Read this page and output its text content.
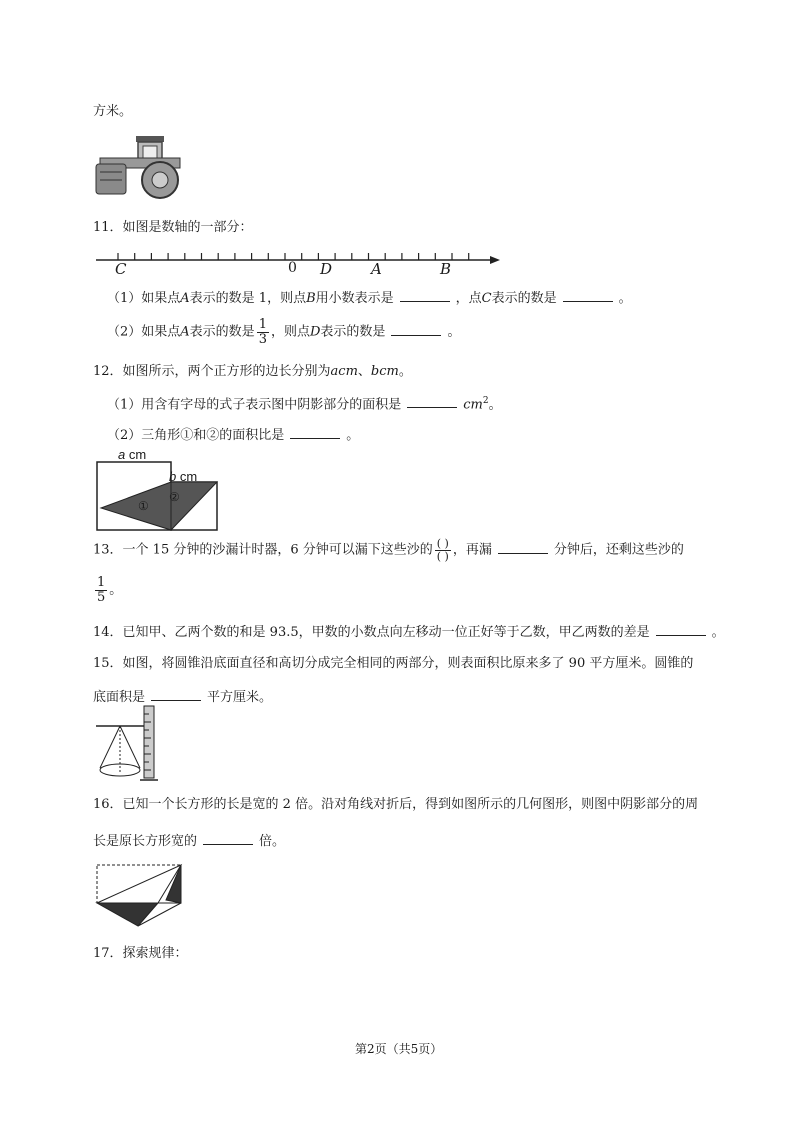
方米。
11．如图是数轴的一部分：
C	0 D	A	B
（1）如果点A表示的数是 1，则点B用小数表示是	，点C表示的数是	。
（2）如果点A表示的数是 $\frac{1}{3}$ ，则点D表示的数是	。
12．如图所示，两个正方形的边长分别为acm、bcm。
（1）用含有字母的式子表示图中阴影部分的面积是	$cm^2$。
（2）三角形①和②的面积比是	。
a cm
b cm
①
②
13．一个 15 分钟的沙漏计时器，6 分钟可以漏下这些沙的 $\frac{( )}{( )}$ ，再漏	分钟后，还剩这些沙的
$\frac{1}{5}$ 。
14．已知甲、乙两个数的和是 93.5，甲数的小数点向左移动一位正好等于乙数，甲乙两数的差是	。
15．如图，将圆锥沿底面直径和高切分成完全相同的两部分，则表面积比原来多了 90 平方厘米。圆锥的
底面积是	平方厘米。
16．已知一个长方形的长是宽的 2 倍。沿对角线对折后，得到如图所示的几何图形，则图中阴影部分的周
长是原长方形宽的	倍。
17．探索规律：
第2页（共5页）
